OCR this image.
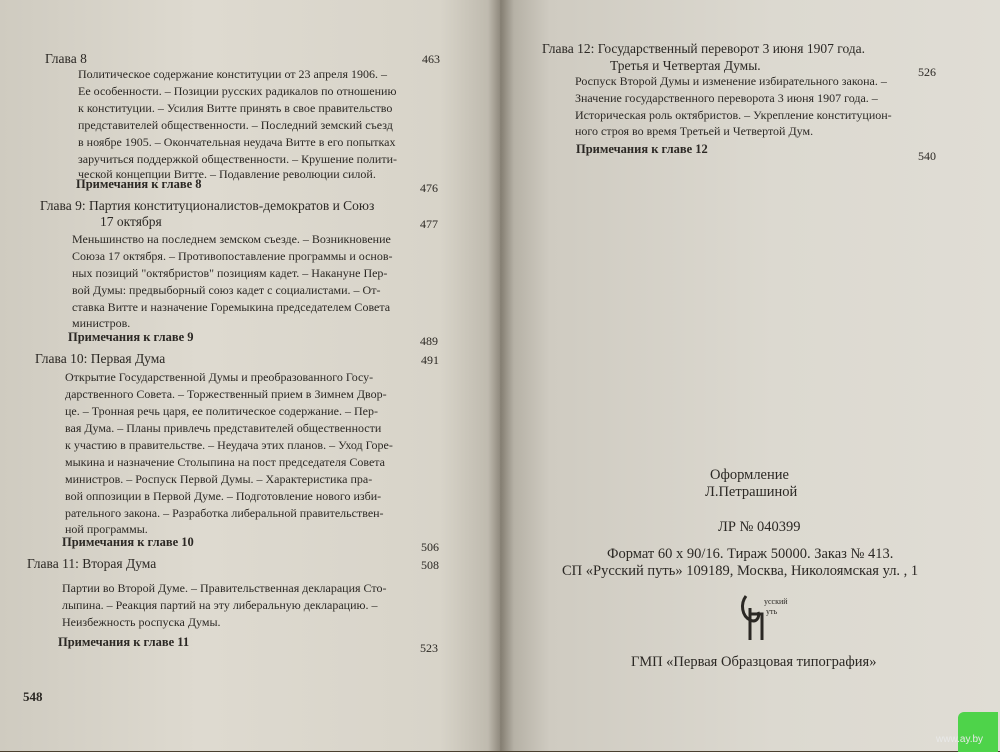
Глава 8	463
Политическое содержание конституции от 23 апреля 1906. –
Ее особенности. – Позиции русских радикалов по отношению
к конституции. – Усилия Витте принять в свое правительство
представителей общественности. – Последний земский съезд
в ноябре 1905. – Окончательная неудача Витте в его попытках
заручиться поддержкой общественности. – Крушение полити-
ческой концепции Витте. – Подавление революции силой.
Примечания к главе 8	476
Глава 9: Партия конституционалистов-демократов и Союз
17 октября	477
Меньшинство на последнем земском съезде. – Возникновение
Союза 17 октября. – Противопоставление программы и основ-
ных позиций "октябристов" позициям кадет. – Накануне Пер-
вой Думы: предвыборный союз кадет с социалистами. – От-
ставка Витте и назначение Горемыкина председателем Совета
министров.
Примечания к главе 9	489
Глава 10: Первая Дума	491
Открытие Государственной Думы и преобразованного Госу-
дарственного Совета. – Торжественный прием в Зимнем Двор-
це. – Тронная речь царя, ее политическое содержание. – Пер-
вая Дума. – Планы привлечь представителей общественности
к участию в правительстве. – Неудача этих планов. – Уход Горе-
мыкина и назначение Столыпина на пост председателя Совета
министров. – Роспуск Первой Думы. – Характеристика пра-
вой оппозиции в Первой Думе. – Подготовление нового изби-
рательного закона. – Разработка либеральной правительствен-
ной программы.
Примечания к главе 10	506
Глава 11: Вторая Дума	508
Партии во Второй Думе. – Правительственная декларация Сто-
лыпина. – Реакция партий на эту либеральную декларацию. –
Неизбежность роспуска Думы.
Примечания к главе 11	523
548
Глава 12: Государственный переворот 3 июня 1907 года.
Третья и Четвертая Думы.	526
Роспуск Второй Думы и изменение избирательного закона. –
Значение государственного переворота 3 июня 1907 года. –
Историческая роль октябристов. – Укрепление конституцион-
ного строя во время Третьей и Четвертой Дум.
Примечания к главе 12	540
Оформление
Л.Петрашиной
ЛР № 040399
Формат 60 х 90/16. Тираж 50000. Заказ № 413.
СП «Русский путь» 109189, Москва, Николоямская ул. , 1
ГМП «Первая Образцовая типография»
усский
уть
www.ay.by
